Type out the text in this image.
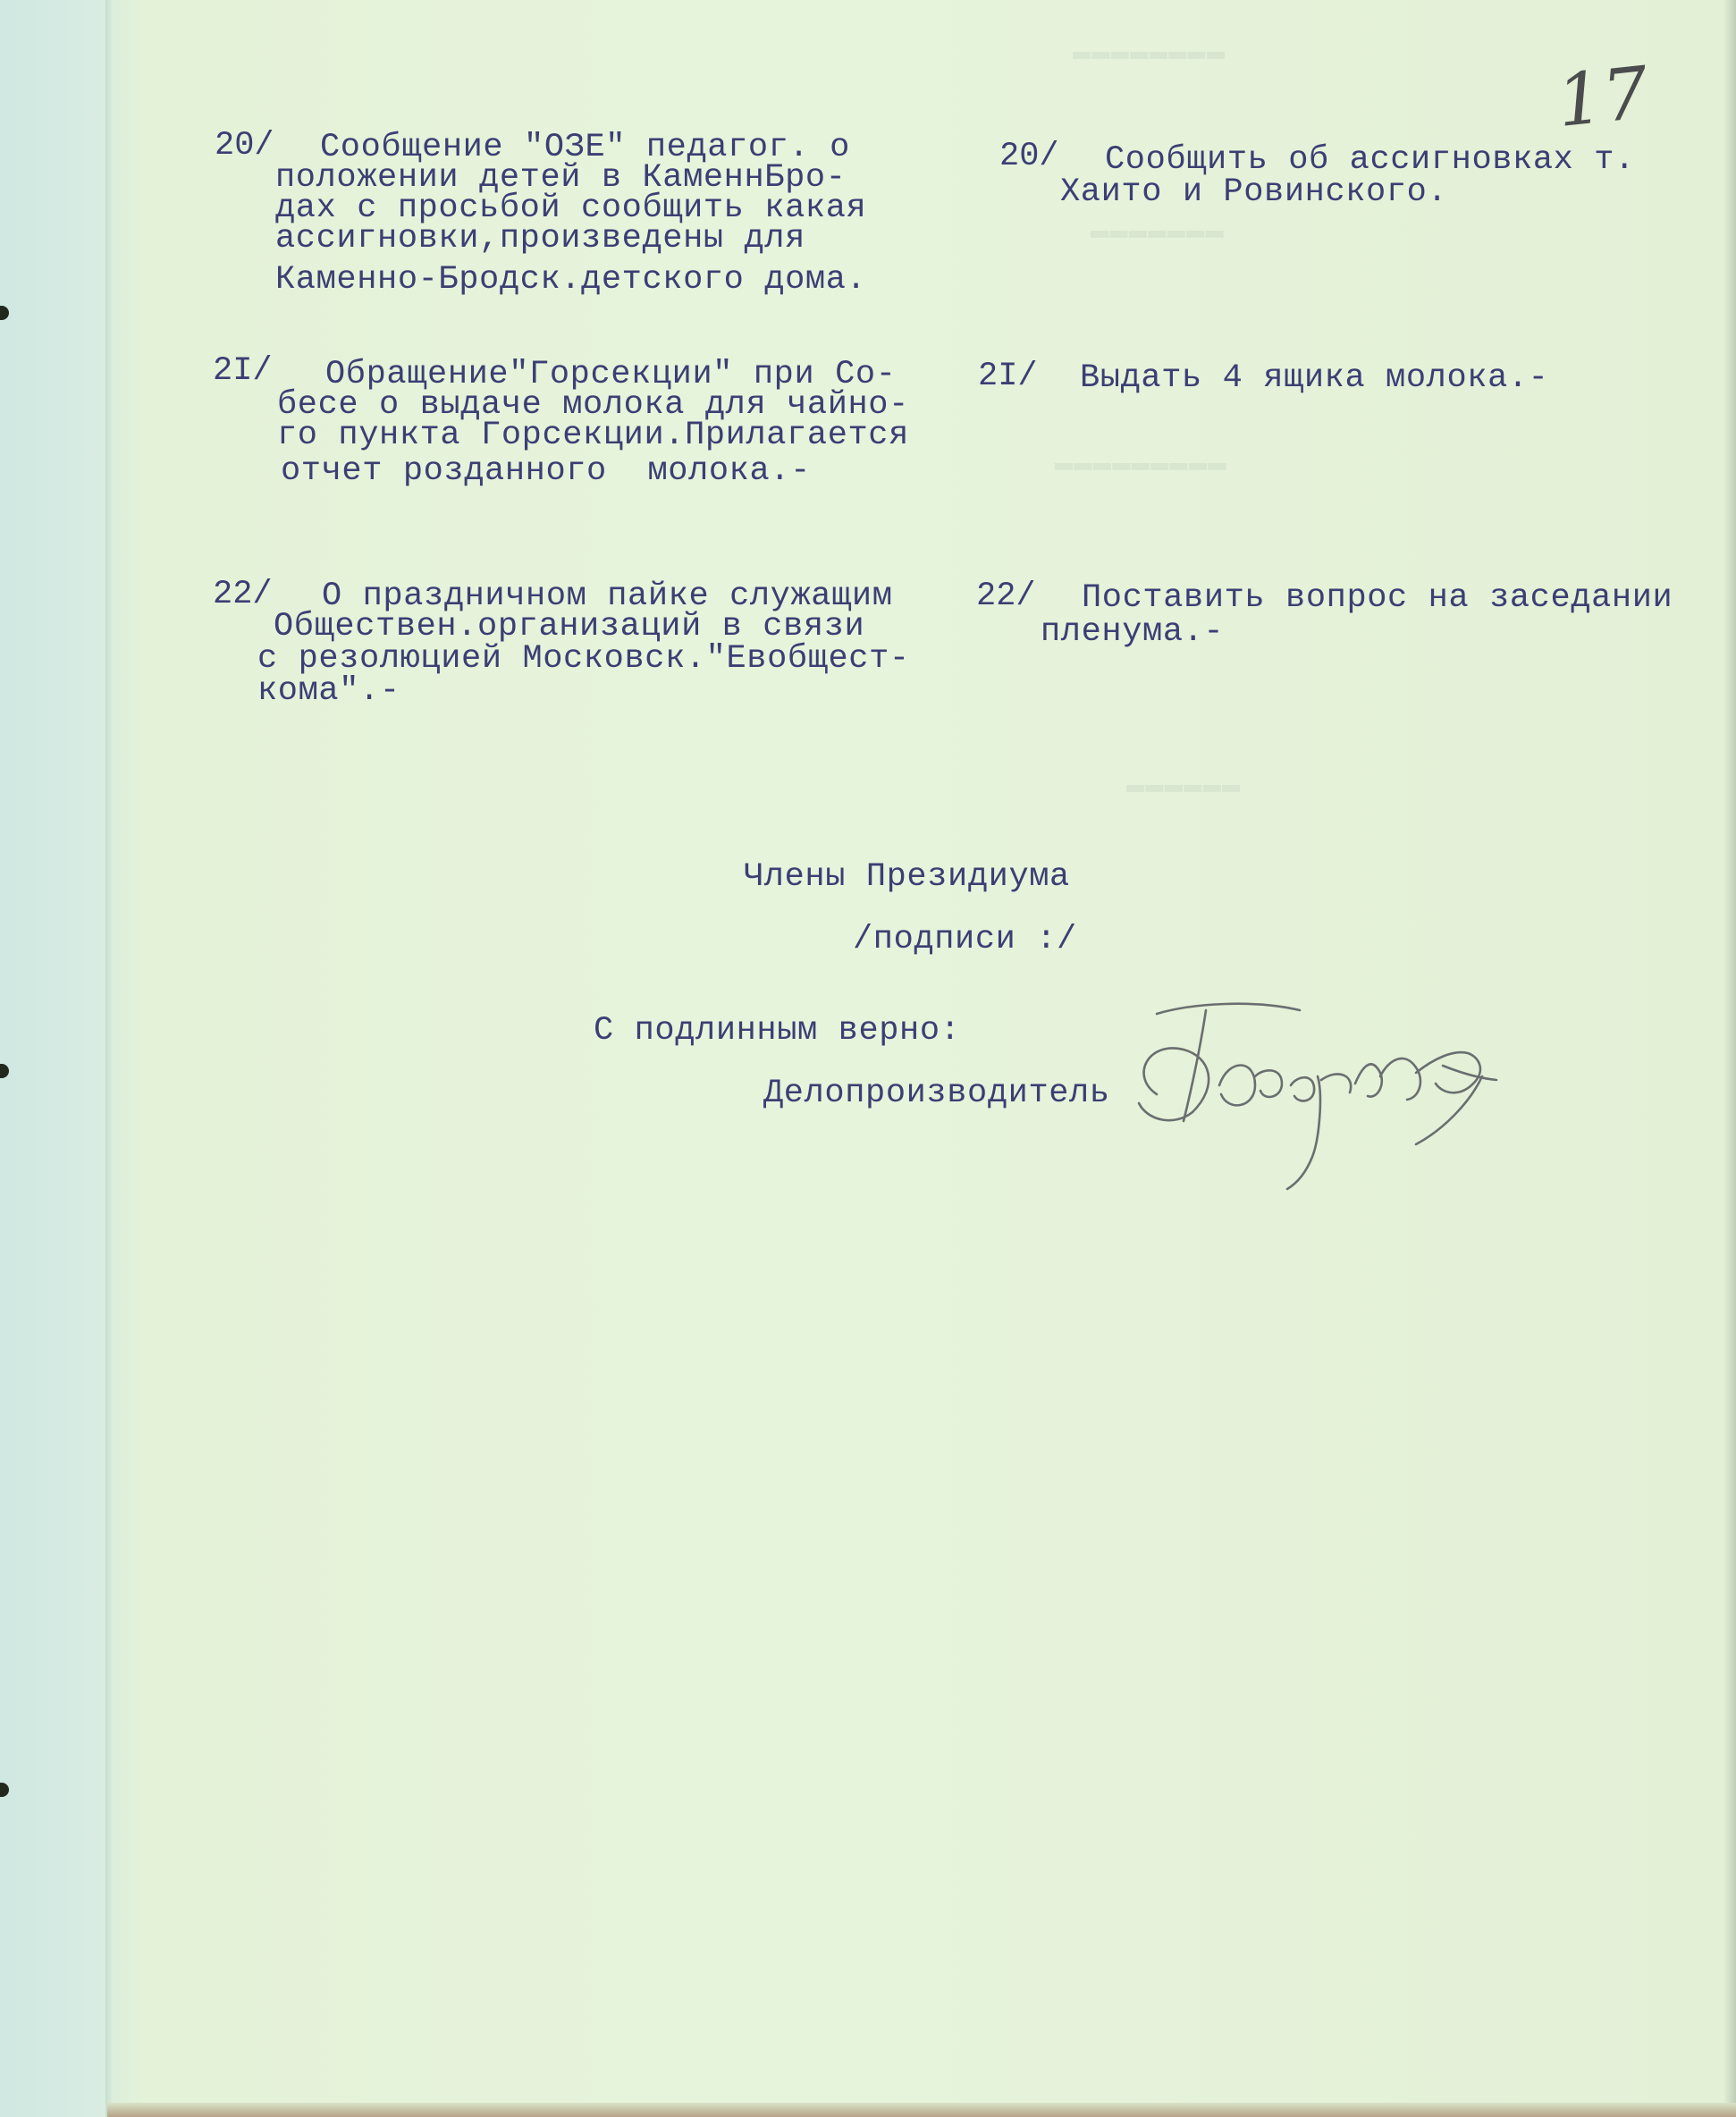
▬▬▬▬▬▬▬▬
▬▬▬▬▬▬▬
▬▬▬▬▬▬▬▬▬
▬▬▬▬▬▬
17
20/ Сообщение "ОЗЕ" педагог. о
положении детей в КаменнБро-
дах с просьбой сообщить какая
ассигновки,произведены для
Каменно-Бродск.детского дома.
20/ Сообщить об ассигновках т.
Хаито и Ровинского.
2I/ Обращение"Горсекции" при Со-
бесе о выдаче молока для чайно-
го пункта Горсекции.Прилагается
отчет розданного  молока.-
2I/ Выдать 4 ящика молока.-
22/ О праздничном пайке служащим
Обществен.организаций в связи
с резолюцией Московск."Евобщест-
кома".-
22/ Поставить вопрос на заседании
пленума.-
Члены Президиума
/подписи :/
С подлинным верно:
Делопроизводитель
